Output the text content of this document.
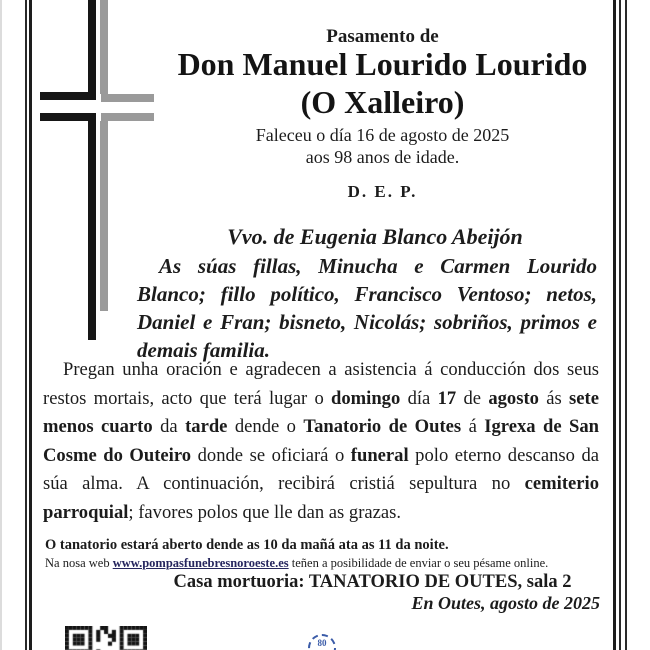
Pasamento de
Don Manuel Lourido Lourido
(O Xalleiro)
Faleceu o día 16 de agosto de 2025
aos 98 anos de idade.
D. E. P.
Vvo. de Eugenia Blanco Abeijón
As súas fillas, Minucha e Carmen Lourido Blanco; fillo político, Francisco Ventoso; netos, Daniel e Fran; bisneto, Nicolás; sobriños, primos e demais familia.
Pregan unha oración e agradecen a asistencia á conducción dos seus restos mortais, acto que terá lugar o domingo día 17 de agosto ás sete menos cuarto da tarde dende o Tanatorio de Outes á Igrexa de San Cosme do Outeiro donde se oficiará o funeral polo eterno descanso da súa alma. A continuación, recibirá cristiá sepultura no cemiterio parroquial; favores polos que lle dan as grazas.
O tanatorio estará aberto dende as 10 da mañá ata as 11 da noite.
Na nosa web www.pompasfunebresnoroeste.es teñen a posibilidade de enviar o seu pésame online.
Casa mortuoria: TANATORIO DE OUTES, sala 2
En Outes, agosto de 2025
80
